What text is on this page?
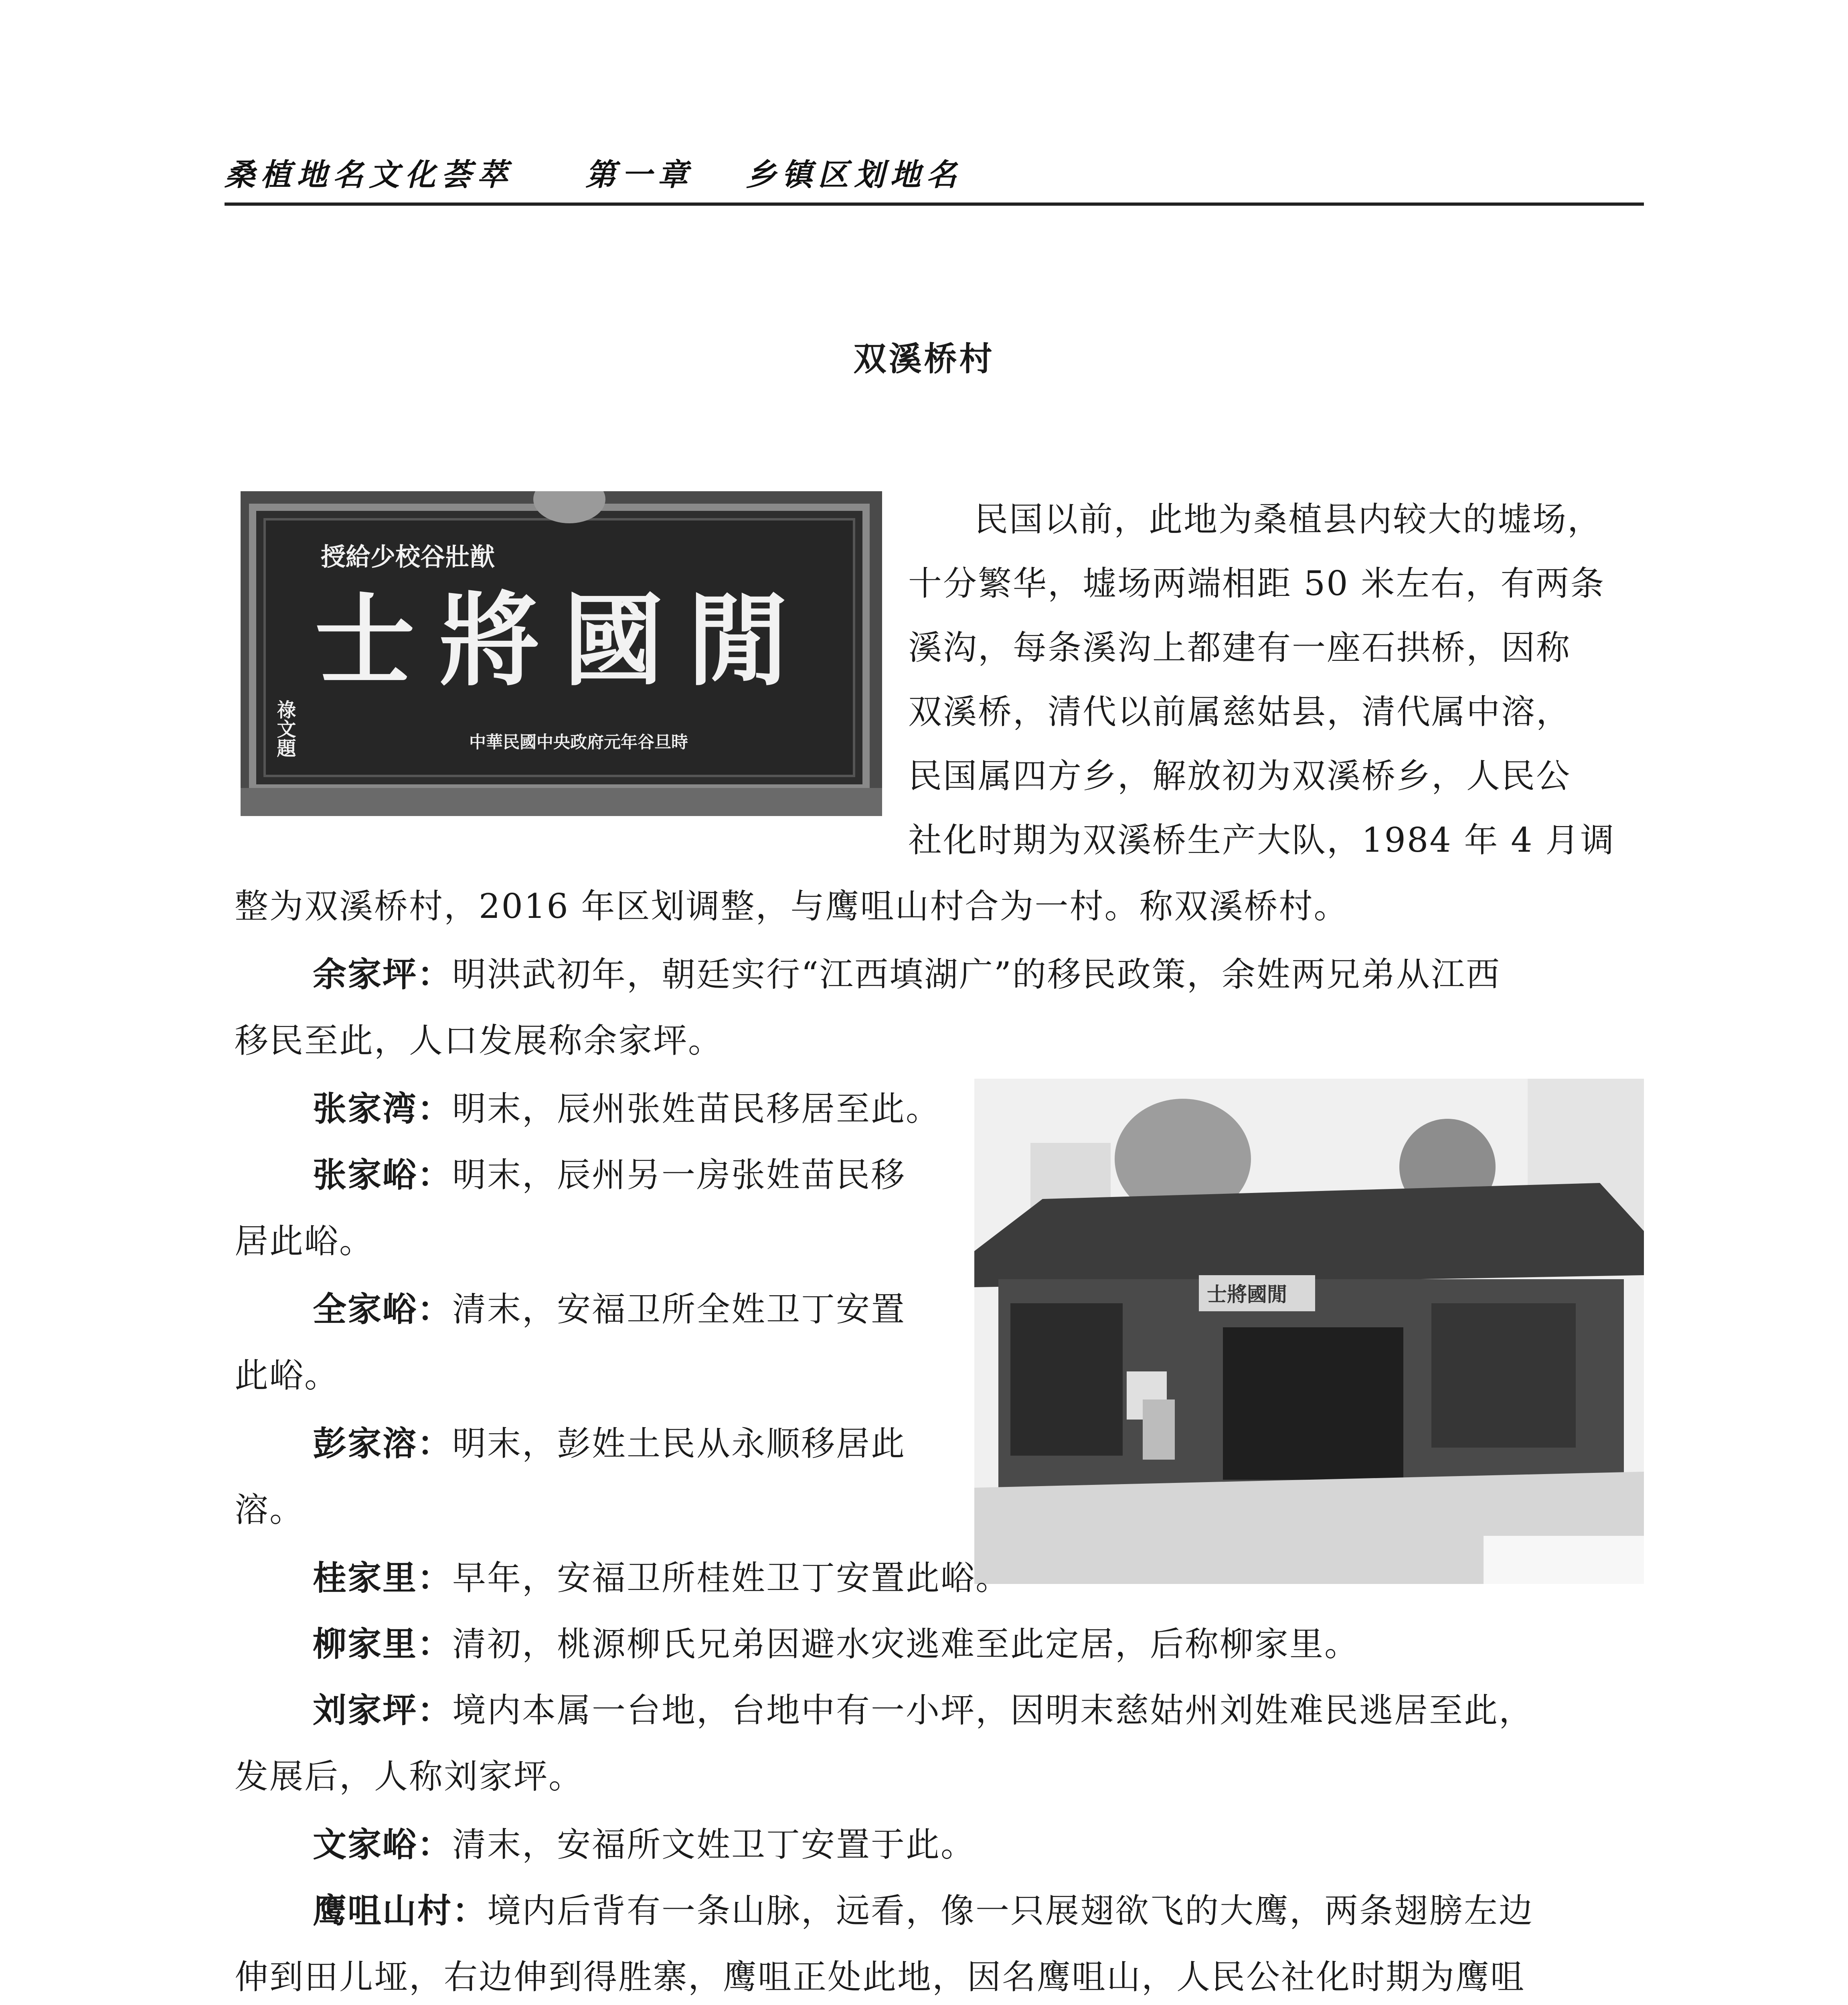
桑植地名文化荟萃 第一章 乡镇区划地名
双溪桥村
授給少校谷壯猷
士將國閒
中華民國中央政府元年谷旦時
祿文題
士將國閒
民国以前，此地为桑植县内较大的墟场，
十分繁华，墟场两端相距 50 米左右，有两条
溪沟，每条溪沟上都建有一座石拱桥，因称
双溪桥，清代以前属慈姑县，清代属中溶，
民国属四方乡，解放初为双溪桥乡，人民公
社化时期为双溪桥生产大队，1984 年 4 月调
整为双溪桥村，2016 年区划调整，与鹰咀山村合为一村。称双溪桥村。
余家坪：明洪武初年，朝廷实行“江西填湖广”的移民政策，余姓两兄弟从江西
移民至此，人口发展称余家坪。
张家湾：明末，辰州张姓苗民移居至此。
张家峪：明末，辰州另一房张姓苗民移
居此峪。
全家峪：清末，安福卫所全姓卫丁安置
此峪。
彭家溶：明末，彭姓土民从永顺移居此
溶。
桂家里：早年，安福卫所桂姓卫丁安置此峪。
柳家里：清初，桃源柳氏兄弟因避水灾逃难至此定居，后称柳家里。
刘家坪：境内本属一台地，台地中有一小坪，因明末慈姑州刘姓难民逃居至此，
发展后，人称刘家坪。
文家峪：清末，安福所文姓卫丁安置于此。
鹰咀山村：境内后背有一条山脉，远看，像一只展翅欲飞的大鹰，两条翅膀左边
伸到田儿垭，右边伸到得胜寨，鹰咀正处此地，因名鹰咀山，人民公社化时期为鹰咀
